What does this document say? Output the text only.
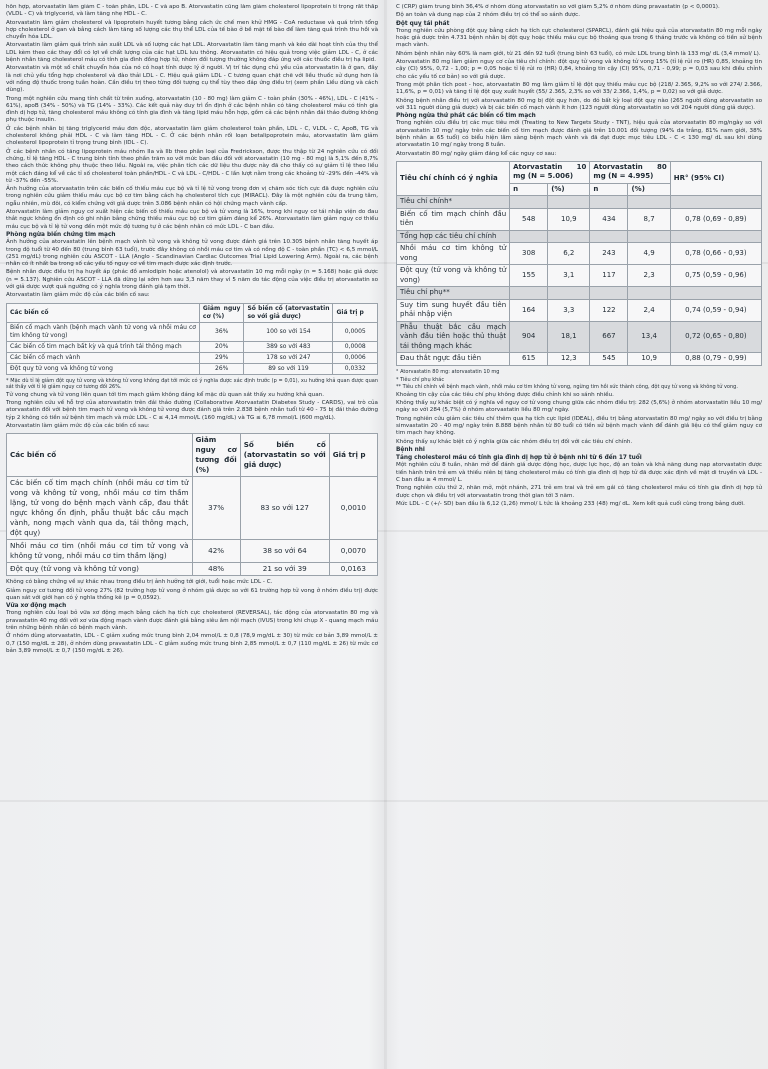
hỗn hợp, atorvastatin làm giảm C - toàn phần, LDL - C và apo B. Atorvastatin cũng làm giảm cholesterol lipoprotein tỉ trọng rất thấp (VLDL - C) và triglycerid, và làm tăng nhẹ HDL - C.

Atorvastatin làm giảm cholesterol và lipoprotein huyết tương bằng cách ức chế men khử HMG - CoA reductase và quá trình tổng hợp cholesterol ở gan và bằng cách làm tăng số lượng các thụ thể LDL của tế bào ở bề mặt tế bào để làm tăng quá trình thu hồi và chuyển hóa LDL.

Atorvastatin làm giảm quá trình sản xuất LDL và số lượng các hạt LDL. Atorvastatin làm tăng mạnh và kéo dài hoạt tính của thụ thể LDL kèm theo các thay đổi có lợi về chất lượng của các hạt LDL lưu thông. Atorvastatin có hiệu quả trong việc giảm LDL - C, ở các bệnh nhân tăng cholesterol máu có tính gia đình đồng hợp tử, nhóm đối tượng thường không đáp ứng với các thuốc điều trị hạ lipid.

Atorvastatin và một số chất chuyển hóa của nó có hoạt tính dược lý ở người. Vị trí tác dụng chủ yếu của atorvastatin là ở gan, đây là nơi chủ yếu tổng hợp cholesterol và đào thải LDL - C. Hiệu quả giảm LDL - C tương quan chặt chẽ với liều thuốc sử dụng hơn là với nồng độ thuốc trong tuần hoàn. Cần điều trị theo từng đối tượng cụ thể tùy theo đáp ứng điều trị (xem phần Liều dùng và cách dùng).

Trong một nghiên cứu mang tính chất từ trên xuống, atorvastatin (10 - 80 mg) làm giảm C - toàn phần (30% - 46%), LDL - C (41% - 61%), apoB (34% - 50%) và TG (14% - 33%). Các kết quả này duy trì ổn định ở các bệnh nhân có tăng cholesterol máu có tính gia đình dị hợp tử, tăng cholesterol máu không có tính gia đình và tăng lipid máu hỗn hợp, gồm cả các bệnh nhân đái tháo đường không phụ thuộc insulin.

Ở các bệnh nhân bị tăng triglycerid máu đơn độc, atorvastatin làm giảm cholesterol toàn phần, LDL - C, VLDL - C, ApoB, TG và cholesterol không phải HDL - C và làm tăng HDL - C. Ở các bệnh nhân rối loạn betalipoprotein máu, atorvastatin làm giảm cholesterol lipoprotein tỉ trọng trung bình (IDL - C).

Ở các bệnh nhân có tăng lipoprotein máu nhóm IIa và IIb theo phân loại của Fredrickson, được thu thập từ 24 nghiên cứu có đối chứng, tỉ lệ tăng HDL - C trung bình tính theo phần trăm so với mức ban đầu đối với atorvastatin (10 mg - 80 mg) là 5,1% đến 8,7% theo cách thức không phụ thuộc theo liều. Ngoài ra, việc phân tích các dữ liệu thu được này đã cho thấy có sự giảm tỉ lệ theo liều một cách đáng kể về các tỉ số cholesterol toàn phần/HDL - C và LDL - C/HDL - C lần lượt nằm trong các khoảng từ -29% đến -44% và từ -37% đến -55%.

Ảnh hưởng của atorvastatin trên các biến cố thiếu máu cục bộ và tỉ lệ tử vong trong đơn vị chăm sóc tích cực đã được nghiên cứu trong nghiên cứu giảm thiếu máu cục bộ cơ tim bằng cách hạ cholesterol tích cực (MIRACL). Đây là một nghiên cứu đa trung tâm, ngẫu nhiên, mù đôi, có kiểm chứng với giả dược trên 3.086 bệnh nhân có hội chứng mạch vành cấp.

Atorvastatin làm giảm nguy cơ xuất hiện các biến cố thiếu máu cục bộ và tử vong là 16%, trong khi nguy cơ tái nhập viện do đau thắt ngực không ổn định có ghi nhận bằng chứng thiếu máu cục bộ cơ tim giảm đáng kể 26%. Atorvastatin làm giảm nguy cơ thiếu máu cục bộ và tỉ lệ tử vong đến một mức độ tương tự ở các bệnh nhân có mức LDL - C ban đầu.

Phòng ngừa biến chứng tim mạch

Ảnh hưởng của atorvastatin lên bệnh mạch vành tử vong và không tử vong được đánh giá trên 10.305 bệnh nhân tăng huyết áp trong độ tuổi từ 40 đến 80 (trung bình 63 tuổi), trước đây không có nhồi máu cơ tim và có nồng độ C - toàn phần (TC) < 6,5 mmol/L (251 mg/dL) trong nghiên cứu ASCOT - LLA (Anglo - Scandinavian Cardiac Outcomes Trial Lipid Lowering Arm). Ngoài ra, các bệnh nhân có ít nhất ba trong số các yếu tố nguy cơ về tim mạch được xác định trước.

Bệnh nhân được điều trị hạ huyết áp (phác đồ amlodipin hoặc atenolol) và atorvastatin 10 mg mỗi ngày (n = 5.168) hoặc giả dược (n = 5.137). Nghiên cứu ASCOT - LLA đã dừng lại sớm hơn sau 3,3 năm thay vì 5 năm do tác động của việc điều trị atorvastatin so với giả dược vượt quá ngưỡng có ý nghĩa trong đánh giá tạm thời.

Atorvastatin làm giảm mức độ của các biến cố sau:

Các biến cố	Giảm nguy cơ (%)	Số biến cố (atorvastatin so với giả dược)	Giá trị p
Biến cố mạch vành (bệnh mạch vành tử vong và nhồi máu cơ tim không tử vong)	36%	100 so với 154	0,0005
Các biến cố tim mạch bất kỳ và quá trình tái thông mạch	20%	389 so với 483	0,0008
Các biến cố mạch vành	29%	178 so với 247	0,0006
Đột quỵ tử vong và không tử vong	26%	89 so với 119	0,0332

* Mặc dù tỉ lệ giảm đột quỵ tử vong và không tử vong không đạt tới mức có ý nghĩa được xác định trước (p = 0,01), xu hướng khả quan được quan sát thấy với tỉ lệ giảm nguy cơ tương đối 26%.

Tử vong chung và tử vong liên quan tới tim mạch giảm không đáng kể mặc dù quan sát thấy xu hướng khả quan.

Trong nghiên cứu về hỗ trợ của atorvastatin trên đái tháo đường (Collaborative Atorvastatin Diabetes Study - CARDS), vai trò của atorvastatin đối với bệnh tim mạch tử vong và không tử vong được đánh giá trên 2.838 bệnh nhân tuổi từ 40 - 75 bị đái tháo đường týp 2 không có tiền sử bệnh tim mạch và mức LDL - C ≤ 4,14 mmol/L (160 mg/dL) và TG ≤ 6,78 mmol/L (600 mg/dL).

Atorvastatin làm giảm mức độ của các biến cố sau:

Các biến cố	Giảm nguy cơ tương đối (%)	Số biến cố (atorvastatin so với giả dược)	Giá trị p
Các biến cố tim mạch chính (nhồi máu cơ tim tử vong và không tử vong, nhồi máu cơ tim thầm lặng, tử vong do bệnh mạch vành cấp, đau thắt ngực không ổn định, phẫu thuật bắc cầu mạch vành, nong mạch vành qua da, tái thông mạch, đột quỵ)	37%	83 so với 127	0,0010
Nhồi máu cơ tim (nhồi máu cơ tim tử vong và không tử vong, nhồi máu cơ tim thầm lặng)	42%	38 so với 64	0,0070
Đột quỵ (tử vong và không tử vong)	48%	21 so với 39	0,0163

Không có bằng chứng về sự khác nhau trong điều trị ảnh hưởng tới giới, tuổi hoặc mức LDL - C.

Giảm nguy cơ tương đối tử vong 27% (82 trường hợp tử vong ở nhóm giả dược so với 61 trường hợp tử vong ở nhóm điều trị) được quan sát với giới hạn có ý nghĩa thống kê (p = 0,0592).

Vữa xơ động mạch

Trong nghiên cứu loại bỏ vữa xơ động mạch bằng cách hạ tích cực cholesterol (REVERSAL), tác động của atorvastatin 80 mg và pravastatin 40 mg đối với xơ vữa động mạch vành được đánh giá bằng siêu âm nội mạch (IVUS) trong khi chụp X - quang mạch máu trên những bệnh nhân có bệnh mạch vành.

Ở nhóm dùng atorvastatin, LDL - C giảm xuống mức trung bình 2,04 mmol/L ± 0,8 (78,9 mg/dL ± 30) từ mức cơ bản 3,89 mmol/L ± 0,7 (150 mg/dL ± 28), ở nhóm dùng pravastatin LDL - C giảm xuống mức trung bình 2,85 mmol/L ± 0,7 (110 mg/dL ± 26) từ mức cơ bản 3,89 mmol/L ± 0,7 (150 mg/dL ± 26).

C (CRP) giảm trung bình 36,4% ở nhóm dùng atorvastatin so với giảm 5,2% ở nhóm dùng pravastatin (p < 0,0001).

Độ an toàn và dung nạp của 2 nhóm điều trị có thể so sánh được.

Đột quỵ tái phát

Trong nghiên cứu phòng đột quỵ bằng cách hạ tích cực cholesterol (SPARCL), đánh giá hiệu quả của atorvastatin 80 mg mỗi ngày hoặc giả dược trên 4.731 bệnh nhân bị đột quỵ hoặc thiếu máu cục bộ thoáng qua trong 6 tháng trước và không có tiền sử bệnh mạch vành.

Nhóm bệnh nhân này 60% là nam giới, từ 21 đến 92 tuổi (trung bình 63 tuổi), có mức LDL trung bình là 133 mg/ dL (3,4 mmol/ L).

Atorvastatin 80 mg làm giảm nguy cơ của tiêu chí chính: đột quỵ tử vong và không tử vong 15% (tỉ lệ rủi ro (HR) 0,85, khoảng tin cậy (CI) 95%, 0,72 - 1,00; p = 0,05 hoặc tỉ lệ rủi ro (HR) 0,84, khoảng tin cậy (CI) 95%, 0,71 - 0,99; p = 0,03 sau khi điều chỉnh cho các yếu tố cơ bản) so với giả dược.

Trong một phân tích post - hoc, atorvastatin 80 mg làm giảm tỉ lệ đột quỵ thiếu máu cục bộ (218/ 2.365, 9,2% so với 274/ 2.366, 11,6%, p = 0,01) và tăng tỉ lệ đột quỵ xuất huyết (55/ 2.365, 2,3% so với 33/ 2.366, 1,4%, p = 0,02) so với giả dược.

Không bệnh nhân điều trị với atorvastatin 80 mg bị đột quỵ hơn, do đó bất kỳ loại đột quỵ nào (265 người dùng atorvastatin so với 311 người dùng giả dược) và bị các biến cố mạch vành ít hơn (123 người dùng atorvastatin so với 204 người dùng giả dược).

Phòng ngừa thứ phát các biến cố tim mạch

Trong nghiên cứu điều trị các mục tiêu mới (Treating to New Targets Study - TNT), hiệu quả của atorvastatin 80 mg/ngày so với atorvastatin 10 mg/ ngày trên các biến cố tim mạch được đánh giá trên 10.001 đối tượng (94% da trắng, 81% nam giới, 38% bệnh nhân ≥ 65 tuổi) có biểu hiện lâm sàng bệnh mạch vành và đã đạt được mục tiêu LDL - C < 130 mg/ dL sau khi dùng atorvastatin 10 mg/ ngày trong 8 tuần.

Atorvastatin 80 mg/ ngày giảm đáng kể các nguy cơ sau:

Tiêu chí chính có ý nghĩa	Atorvastatin 10 mg (N = 5.006)		Atorvastatin 80 mg (N = 4.995)		HR° (95% CI)
	n	(%)	n	(%)	
Tiêu chí chính*					
Biến cố tim mạch chính đầu tiên	548	10,9	434	8,7	0,78 (0,69 - 0,89)
Tổng hợp các tiêu chí chính					
Nhồi máu cơ tim không tử vong	308	6,2	243	4,9	0,78 (0,66 - 0,93)
Đột quỵ (tử vong và không tử vong)	155	3,1	117	2,3	0,75 (0,59 - 0,96)
Tiêu chí phụ**					
Suy tim sung huyết đầu tiên phải nhập viện	164	3,3	122	2,4	0,74 (0,59 - 0,94)
Phẫu thuật bắc cầu mạch vành đầu tiên hoặc thủ thuật tái thông mạch khác	904	18,1	667	13,4	0,72 (0,65 - 0,80)
Đau thắt ngực đầu tiên	615	12,3	545	10,9	0,88 (0,79 - 0,99)

° Atorvastatin 80 mg: atorvastatin 10 mg

* Tiêu chí phụ khác

** Tiêu chí chính về bệnh mạch vành, nhồi máu cơ tim không tử vong, ngừng tim hồi sức thành công, đột quỵ tử vong và không tử vong.

Khoảng tin cậy của các tiêu chí phụ không được điều chỉnh khi so sánh nhiều.

Không thấy sự khác biệt có ý nghĩa về nguy cơ tử vong chung giữa các nhóm điều trị: 282 (5,6%) ở nhóm atorvastatin liều 10 mg/ ngày so với 284 (5,7%) ở nhóm atorvastatin liều 80 mg/ ngày.

Trong nghiên cứu giảm các tiêu chí thêm qua hạ tích cực lipid (IDEAL), điều trị bằng atorvastatin 80 mg/ ngày so với điều trị bằng simvastatin 20 - 40 mg/ ngày trên 8.888 bệnh nhân từ 80 tuổi có tiền sử bệnh mạch vành để đánh giá liệu có thể giảm nguy cơ tim mạch hay không.

Không thấy sự khác biệt có ý nghĩa giữa các nhóm điều trị đối với các tiêu chí chính.

Bệnh nhi
Tăng cholesterol máu có tính gia đình dị hợp tử ở bệnh nhi từ 6 đến 17 tuổi

Một nghiên cứu 8 tuần, nhãn mở để đánh giá dược động học, dược lực học, độ an toàn và khả năng dung nạp atorvastatin được tiến hành trên trẻ em và thiếu niên bị tăng cholesterol máu có tính gia đình dị hợp tử đã được xác định về mặt di truyền và LDL - C ban đầu ≥ 4 mmol/ L.

Trong nghiên cứu thứ 2, nhãn mở, một nhánh, 271 trẻ em trai và trẻ em gái có tăng cholesterol máu có tính gia đình dị hợp tử được chọn và điều trị với atorvastatin trong thời gian tới 3 năm.

Mức LDL - C (+/- SD) ban đầu là 6,12 (1,26) mmol/ L tức là khoảng 233 (48) mg/ dL. Xem kết quả cuối cùng trong bảng dưới.
